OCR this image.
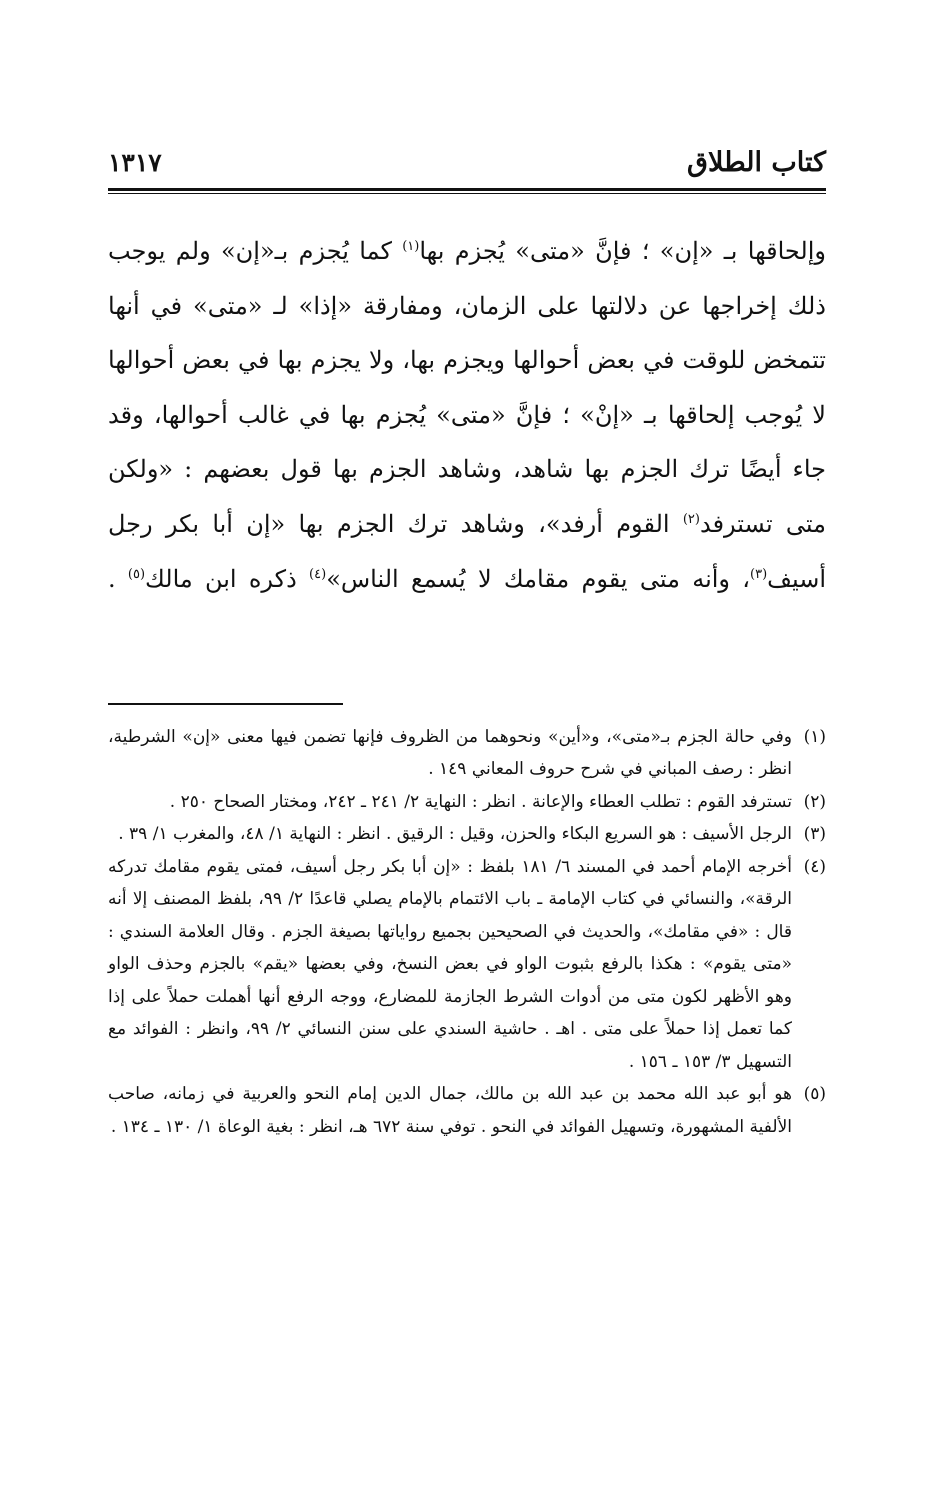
كتاب الطلاق
١٣١٧

وإلحاقها بـ «إن» ؛ فإنَّ «متى» يُجزم بها$^{(١)}$ كما يُجزم بـ«إن» ولم يوجب ذلك إخراجها عن دلالتها على الزمان، ومفارقة «إذا» لـ «متى» في أنها تتمخض للوقت في بعض أحوالها ويجزم بها، ولا يجزم بها في بعض أحوالها لا يُوجب إلحاقها بـ «إنْ» ؛ فإنَّ «متى» يُجزم بها في غالب أحوالها، وقد جاء أيضًا ترك الجزم بها شاهد، وشاهد الجزم بها قول بعضهم : «ولكن متى تسترفد$^{(٢)}$ القوم أرفد»، وشاهد ترك الجزم بها «إن أبا بكر رجل أسيف$^{(٣)}$، وأنه متى يقوم مقامك لا يُسمع الناس»$^{(٤)}$ ذكره ابن مالك$^{(٥)}$ .

(١)
وفي حالة الجزم بـ«متى»، و«أين» ونحوهما من الظروف فإنها تضمن فيها معنى «إن» الشرطية، انظر : رصف المباني في شرح حروف المعاني ١٤٩ .
(٢)
تسترفد القوم : تطلب العطاء والإعانة . انظر : النهاية ٢/ ٢٤١ ـ ٢٤٢، ومختار الصحاح ٢٥٠ .
(٣)
الرجل الأسيف : هو السريع البكاء والحزن، وقيل : الرقيق . انظر : النهاية ١/ ٤٨، والمغرب ١/ ٣٩ .
(٤)
أخرجه الإمام أحمد في المسند ٦/ ١٨١ بلفظ : «إن أبا بكر رجل أسيف، فمتى يقوم مقامك تدركه الرقة»، والنسائي في كتاب الإمامة ـ باب الائتمام بالإمام يصلي قاعدًا ٢/ ٩٩، بلفظ المصنف إلا أنه قال : «في مقامك»، والحديث في الصحيحين بجميع رواياتها بصيغة الجزم . وقال العلامة السندي : «متى يقوم» : هكذا بالرفع بثبوت الواو في بعض النسخ، وفي بعضها «يقم» بالجزم وحذف الواو وهو الأظهر لكون متى من أدوات الشرط الجازمة للمضارع، ووجه الرفع أنها أهملت حملاً على إذا كما تعمل إذا حملاً على متى . اهـ . حاشية السندي على سنن النسائي ٢/ ٩٩، وانظر : الفوائد مع التسهيل ٣/ ١٥٣ ـ ١٥٦ .
(٥)
هو أبو عبد الله محمد بن عبد الله بن مالك، جمال الدين إمام النحو والعربية في زمانه، صاحب الألفية المشهورة، وتسهيل الفوائد في النحو . توفي سنة ٦٧٢ هـ، انظر : بغية الوعاة ١/ ١٣٠ ـ ١٣٤ .
